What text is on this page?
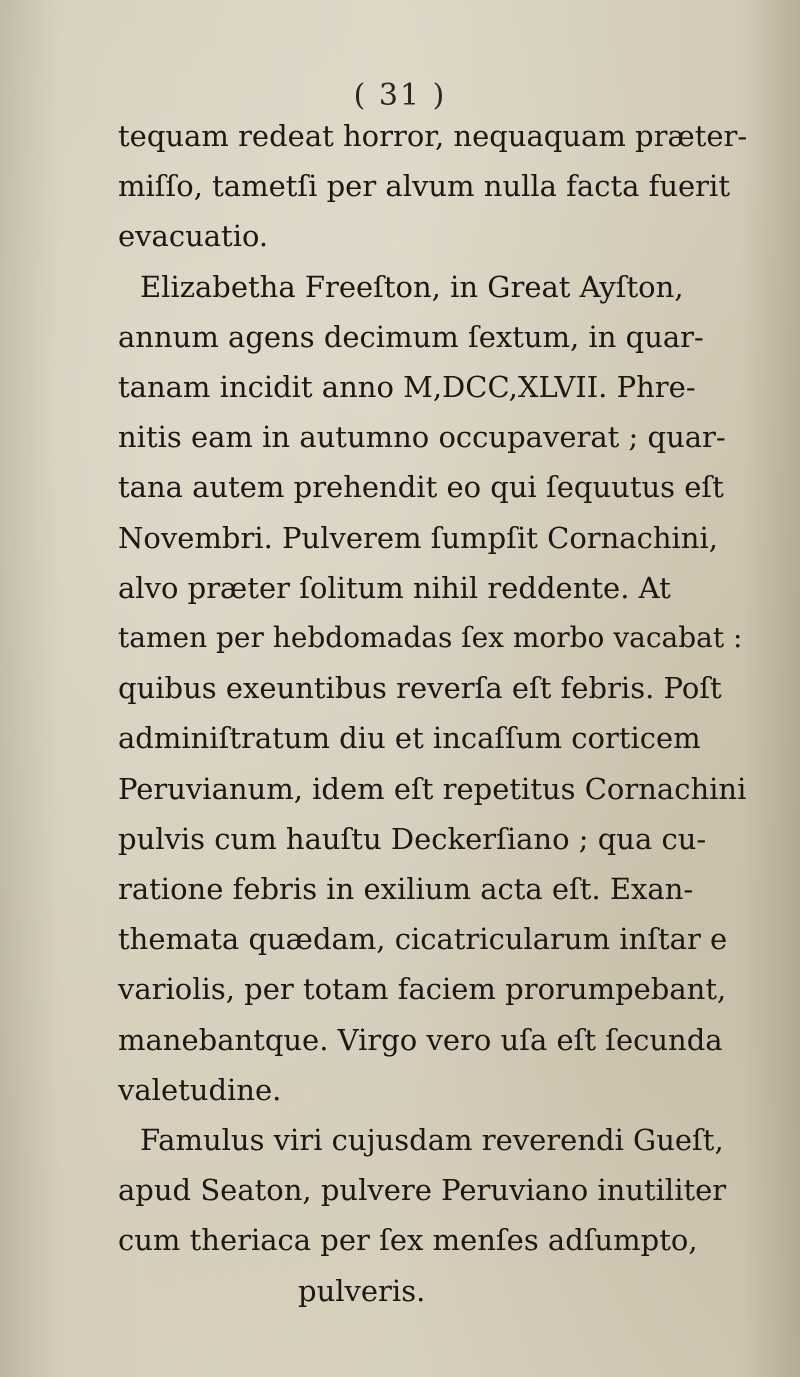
( 31 )
tequam redeat horror, nequaquam præter-
miſſo, tametſi per alvum nulla facta fuerit
evacuatio.
Elizabetha Freeſton, in Great Ayſton,
annum agens decimum ſextum, in quar-
tanam incidit anno M,DCC,XLVII. Phre-
nitis eam in autumno occupaverat ; quar-
tana autem prehendit eo qui ſequutus eſt
Novembri. Pulverem ſumpſit Cornachini,
alvo præter ſolitum nihil reddente. At
tamen per hebdomadas ſex morbo vacabat :
quibus exeuntibus reverſa eſt febris. Poſt
adminiſtratum diu et incaſſum corticem
Peruvianum, idem eſt repetitus Cornachini
pulvis cum hauſtu Deckerſiano ; qua cu-
ratione febris in exilium acta eſt. Exan-
themata quædam, cicatricularum inſtar e
variolis, per totam faciem prorumpebant,
manebantque. Virgo vero uſa eſt ſecunda
valetudine.
Famulus viri cujusdam reverendi Gueſt,
apud Seaton, pulvere Peruviano inutiliter
cum theriaca per ſex menſes adſumpto,
pulveris.
